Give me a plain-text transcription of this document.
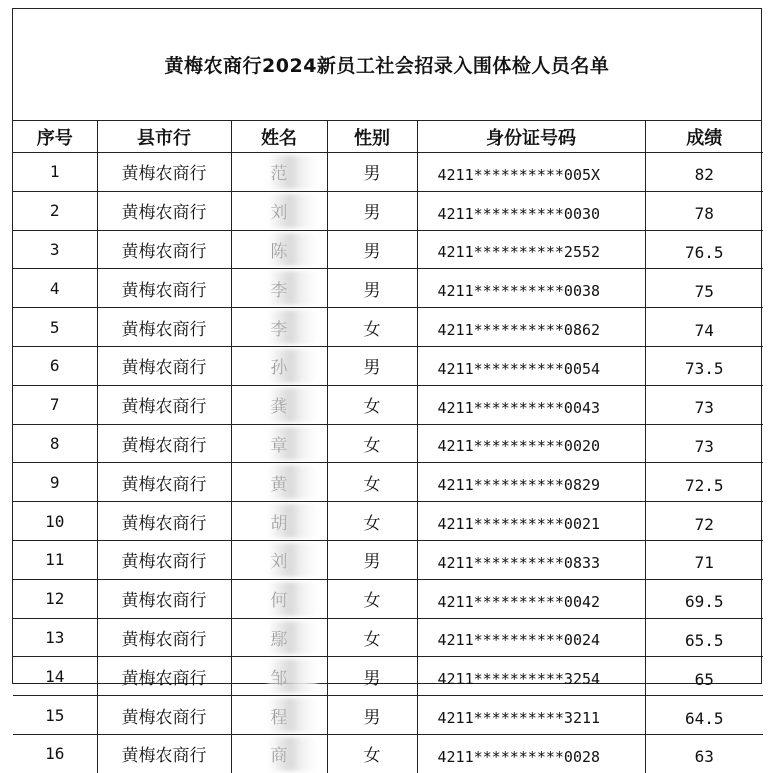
黄梅农商行2024新员工社会招录入围体检人员名单
序号	县市行	姓名	性别	身份证号码	成绩
1	黄梅农商行		男	4211**********005X	82
2	黄梅农商行		男	4211**********0030	78
3	黄梅农商行		男	4211**********2552	76.5
4	黄梅农商行		男	4211**********0038	75
5	黄梅农商行		女	4211**********0862	74
6	黄梅农商行		男	4211**********0054	73.5
7	黄梅农商行		女	4211**********0043	73
8	黄梅农商行		女	4211**********0020	73
9	黄梅农商行		女	4211**********0829	72.5
10	黄梅农商行		女	4211**********0021	72
11	黄梅农商行		男	4211**********0833	71
12	黄梅农商行		女	4211**********0042	69.5
13	黄梅农商行		女	4211**********0024	65.5
14	黄梅农商行		男	4211**********3254	65
15	黄梅农商行		男	4211**********3211	64.5
16	黄梅农商行		女	4211**********0028	63
